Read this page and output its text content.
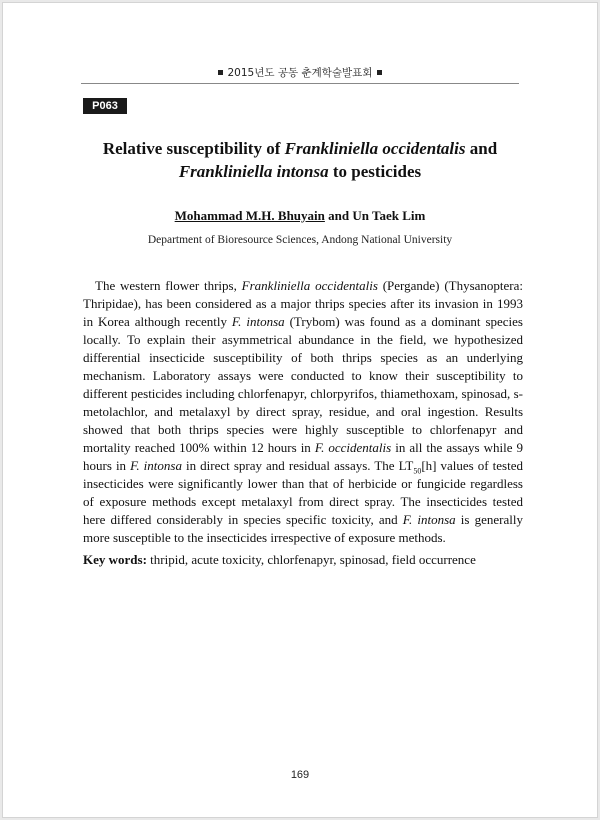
2015년도 공동 춘계학술발표회
P063
Relative susceptibility of Frankliniella occidentalis and
Frankliniella intonsa to pesticides
Mohammad M.H. Bhuyain and Un Taek Lim
Department of Bioresource Sciences, Andong National University

The western flower thrips, Frankliniella occidentalis (Pergande) (Thysanoptera: Thripidae), has been considered as a major thrips species after its invasion in 1993 in Korea although recently F. intonsa (Trybom) was found as a dominant species locally. To explain their asymmetrical abundance in the field, we hypothesized differential insecticide susceptibility of both thrips species as an underlying mechanism. Laboratory assays were conducted to know their susceptibility to different pesticides including chlorfenapyr, chlorpyrifos, thiamethoxam, spinosad, s-metolachlor, and metalaxyl by direct spray, residue, and oral ingestion. Results showed that both thrips species were highly susceptible to chlorfenapyr and mortality reached 100% within 12 hours in F. occidentalis in all the assays while 9 hours in F. intonsa in direct spray and residual assays. The $LT_{50}[h]$ values of tested insecticides were significantly lower than that of herbicide or fungicide regardless of exposure methods except metalaxyl from direct spray. The insecticides tested here differed considerably in species specific toxicity, and F. intonsa is generally more susceptible to the insecticides irrespective of exposure methods.

Key words: thripid, acute toxicity, chlorfenapyr, spinosad, field occurrence
169
